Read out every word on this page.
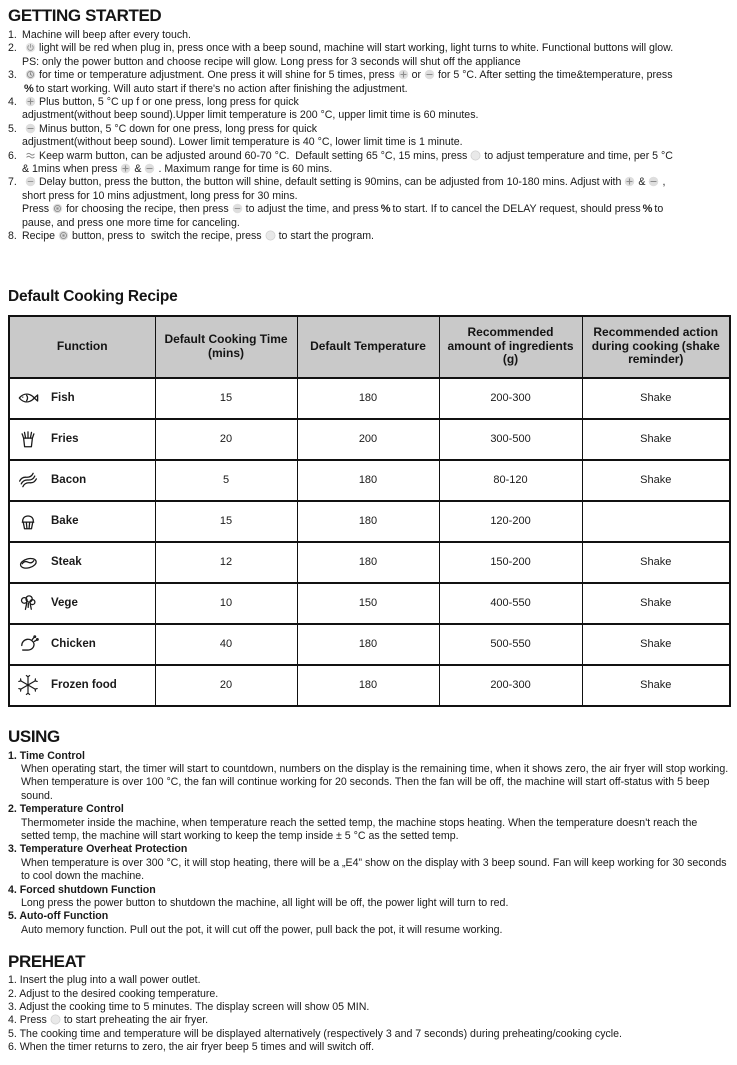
GETTING STARTED
1. Machine will beep after every touch.
2.	light will be red when plug in, press once with a beep sound, machine will start working, light turns to white. Functional buttons will glow.
PS: only the power button and choose recipe will glow. Long press for 3 seconds will shut off the appliance
3.	for time or temperature adjustment. One press it will shine for 5 times, press or for 5 °C. After setting the time&temperature, press
% to start working. Will auto start if there's no action after finishing the adjustment.
4.	Plus button, 5 °C up f or one press, long press for quick
adjustment(without beep sound).Upper limit temperature is 200 °C, upper limit time is 60 minutes.
5.	Minus button, 5 °C down for one press, long press for quick
adjustment(without beep sound). Lower limit temperature is 40 °C, lower limit time is 1 minute.
6.	Keep warm button, can be adjusted around 60-70 °C.  Default setting 65 °C, 15 mins, press to adjust temperature and time, per 5 °C
& 1mins when press & . Maximum range for time is 60 mins.
7.	Delay button, press the button, the button will shine, default setting is 90mins, can be adjusted from 10-180 mins. Adjust with & ,
short press for 10 mins adjustment, long press for 30 mins.
Press for choosing the recipe, then press to adjust the time, and press % to start. If to cancel the DELAY request, should press % to
pause, and press one more time for canceling.
8. Recipe button, press to  switch the recipe, press to start the program.
Default Cooking Recipe
Function	Default Cooking Time (mins)	Default Temperature	Recommended amount of ingredients (g)	Recommended action during cooking (shake reminder)

Fish	15	180	200-300	Shake

Fries	20	200	300-500	Shake

Bacon	5	180	80-120	Shake

Bake	15	180	120-200	

Steak	12	180	150-200	Shake

Vege	10	150	400-550	Shake

Chicken	40	180	500-550	Shake

Frozen food	20	180	200-300	Shake
USING
1. Time Control
When operating start, the timer will start to countdown, numbers on the display is the remaining time, when it shows zero, the air fryer will stop working. When temperature is over 100 °C, the fan will continue working for 20 seconds. Then the fan will be off, the machine will start off-status with 5 beep sound.
2. Temperature Control
Thermometer inside the machine, when temperature reach the setted temp, the machine stops heating. When the temperature doesn't reach the setted temp, the machine will start working to keep the temp inside ± 5 °C as the setted temp.
3. Temperature Overheat Protection
When temperature is over 300 °C, it will stop heating, there will be a „E4” show on the display with 3 beep sound. Fan will keep working for 30 seconds to cool down the machine.
4. Forced shutdown Function
Long press the power button to shutdown the machine, all light will be off, the power light will turn to red.
5. Auto-off Function
Auto memory function. Pull out the pot, it will cut off the power, pull back the pot, it will resume working.
PREHEAT
1. Insert the plug into a wall power outlet.
2. Adjust to the desired cooking temperature.
3. Adjust the cooking time to 5 minutes. The display screen will show 05 MIN.
4. Press to start preheating the air fryer.
5. The cooking time and temperature will be displayed alternatively (respectively 3 and 7 seconds) during preheating/cooking cycle.
6. When the timer returns to zero, the air fryer beep 5 times and will switch off.
